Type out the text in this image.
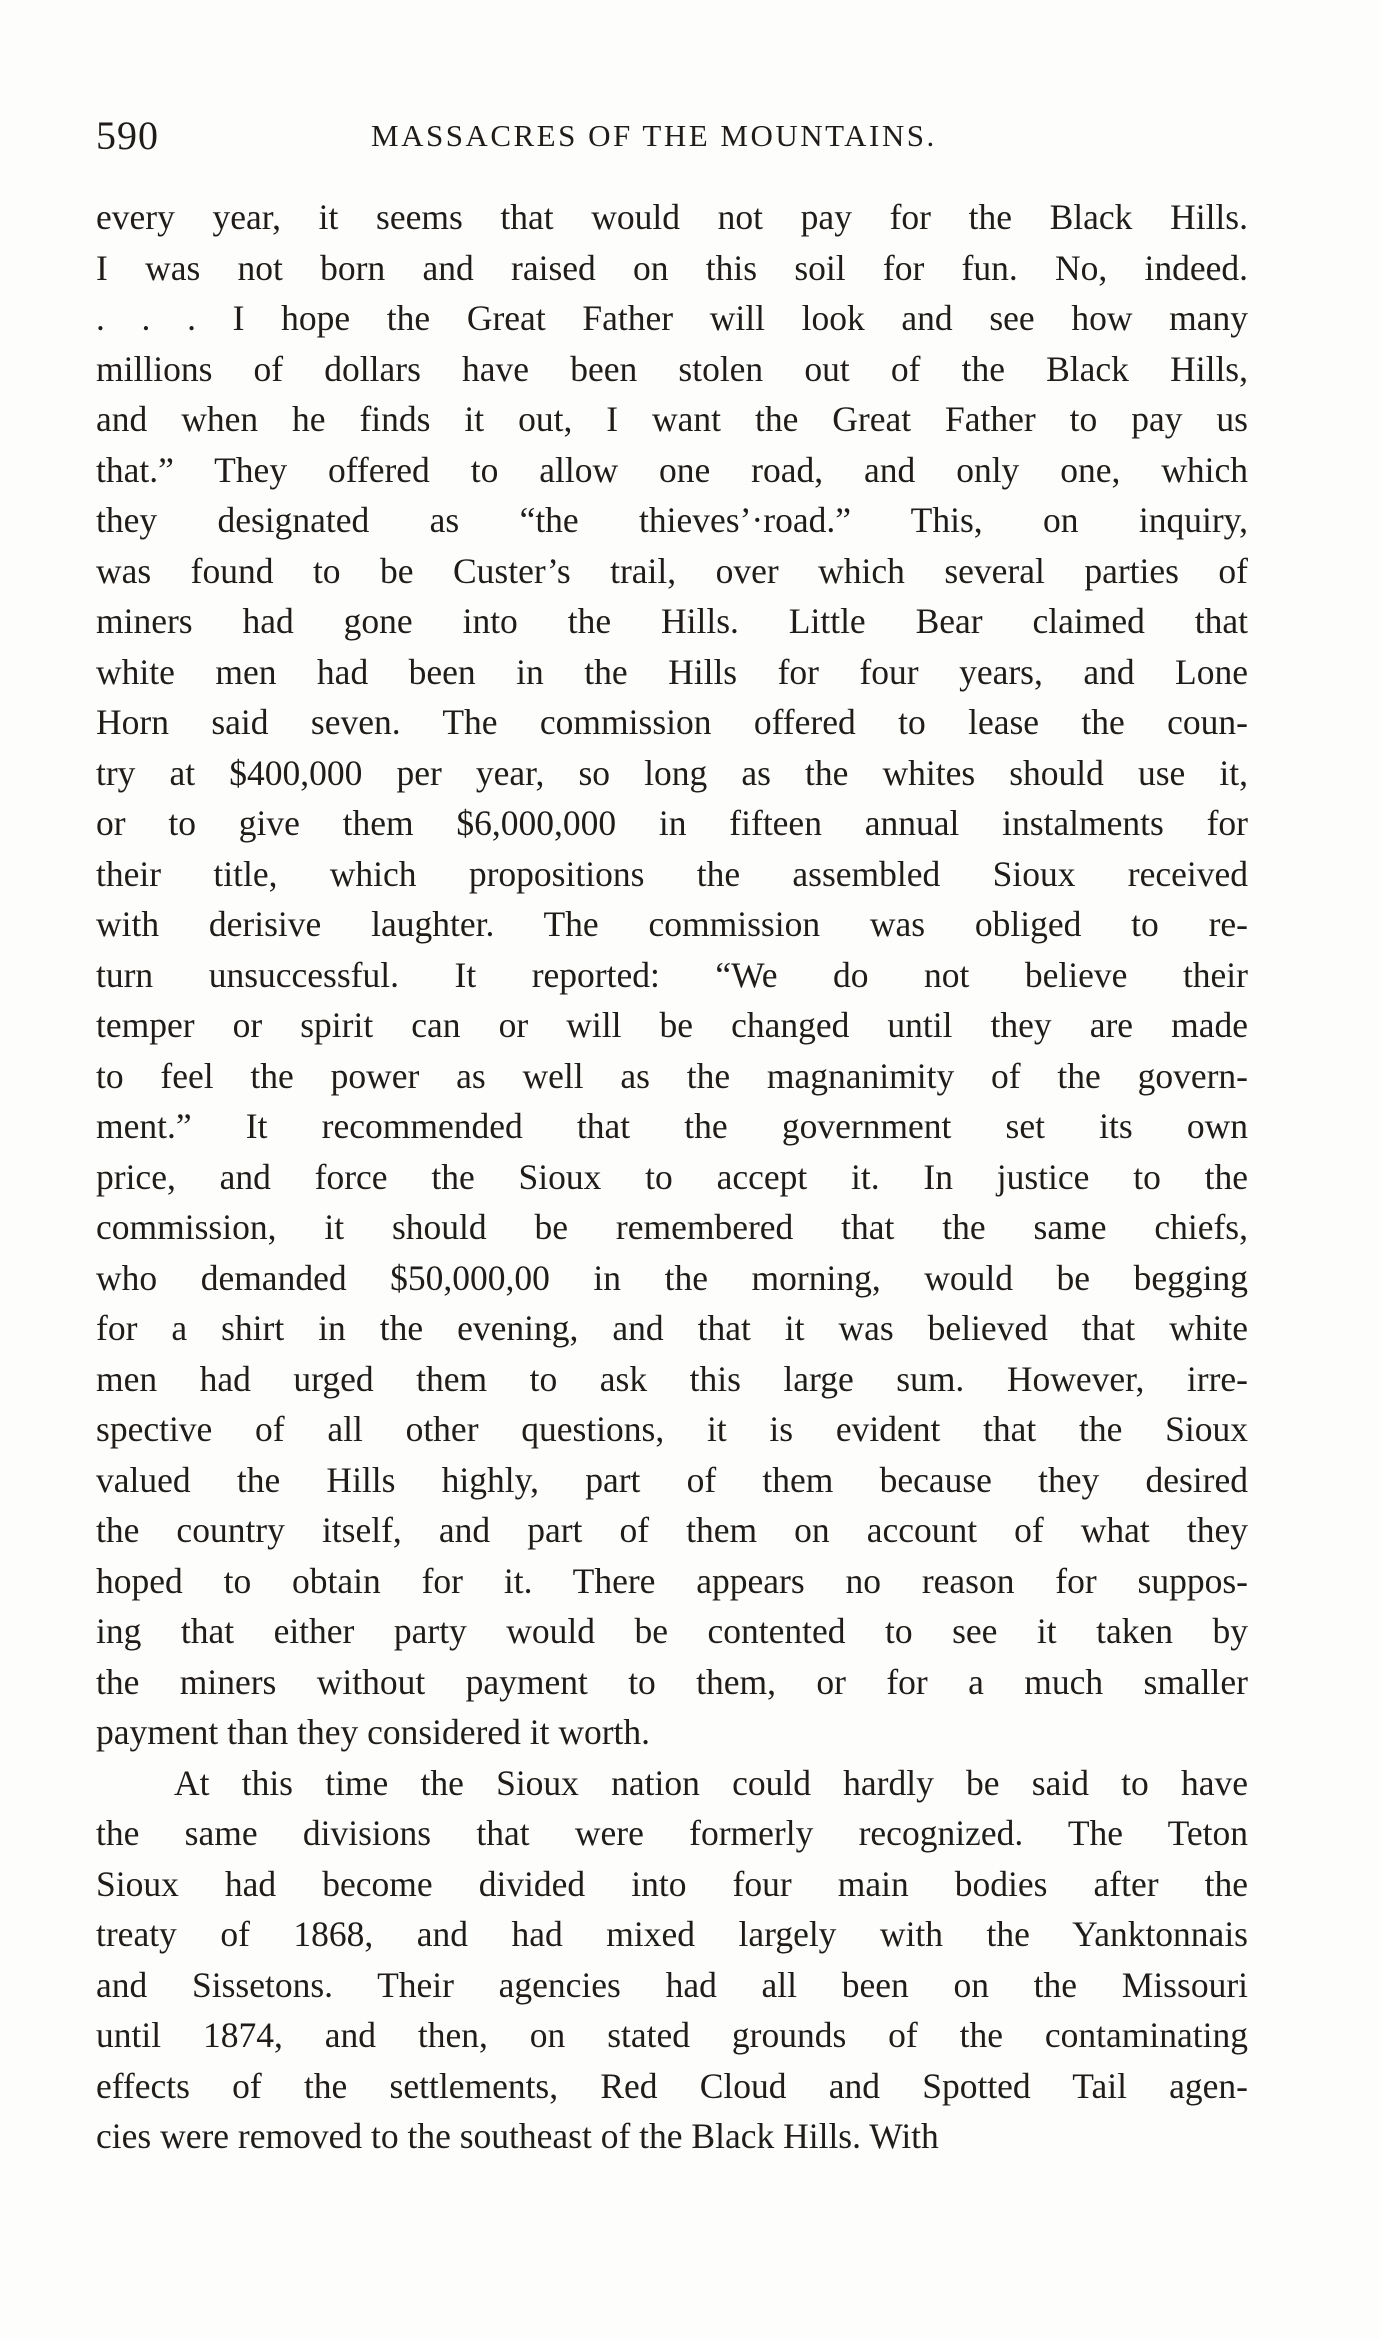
590	MASSACRES OF THE MOUNTAINS.
every year, it seems that would not pay for the Black Hills.
I was not born and raised on this soil for fun. No, indeed.
. . . I hope the Great Father will look and see how many
millions of dollars have been stolen out of the Black Hills,
and when he finds it out, I want the Great Father to pay us
that.” They offered to allow one road, and only one, which
they designated as “the thieves’·road.” This, on inquiry,
was found to be Custer’s trail, over which several parties of
miners had gone into the Hills. Little Bear claimed that
white men had been in the Hills for four years, and Lone
Horn said seven. The commission offered to lease the coun-
try at $400,000 per year, so long as the whites should use it,
or to give them $6,000,000 in fifteen annual instalments for
their title, which propositions the assembled Sioux received
with derisive laughter. The commission was obliged to re-
turn unsuccessful. It reported: “We do not believe their
temper or spirit can or will be changed until they are made
to feel the power as well as the magnanimity of the govern-
ment.” It recommended that the government set its own
price, and force the Sioux to accept it. In justice to the
commission, it should be remembered that the same chiefs,
who demanded $50,000,00 in the morning, would be begging
for a shirt in the evening, and that it was believed that white
men had urged them to ask this large sum. However, irre-
spective of all other questions, it is evident that the Sioux
valued the Hills highly, part of them because they desired
the country itself, and part of them on account of what they
hoped to obtain for it. There appears no reason for suppos-
ing that either party would be contented to see it taken by
the miners without payment to them, or for a much smaller
payment than they considered it worth.
At this time the Sioux nation could hardly be said to have
the same divisions that were formerly recognized. The Teton
Sioux had become divided into four main bodies after the
treaty of 1868, and had mixed largely with the Yanktonnais
and Sissetons. Their agencies had all been on the Missouri
until 1874, and then, on stated grounds of the contaminating
effects of the settlements, Red Cloud and Spotted Tail agen-
cies were removed to the southeast of the Black Hills. With
